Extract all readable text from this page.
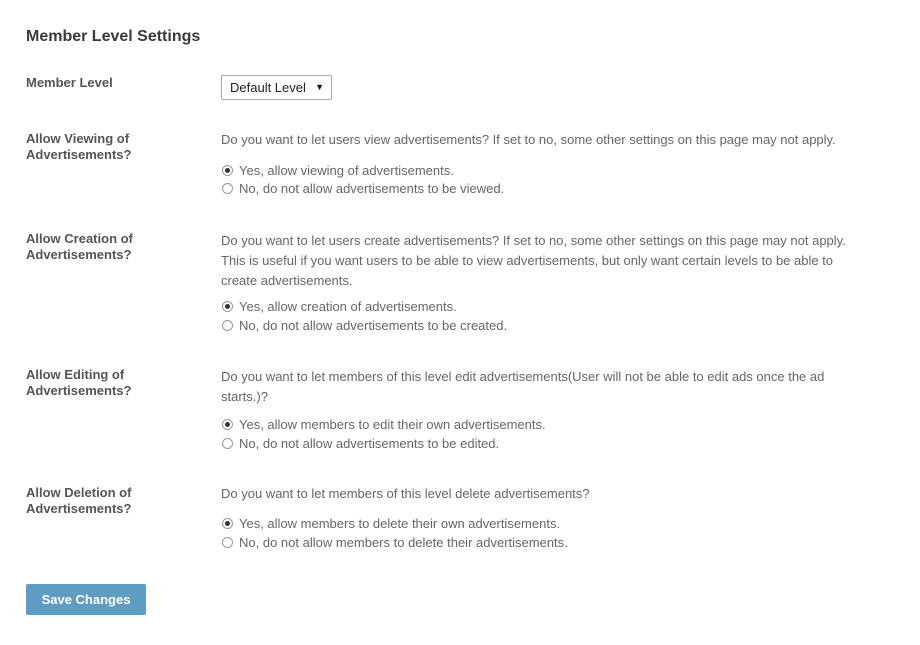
Member Level Settings
Member Level	Default Level ▼
Allow Viewing of Advertisements?
Do you want to let users view advertisements? If set to no, some other settings on this page may not apply.
Yes, allow viewing of advertisements.
No, do not allow advertisements to be viewed.
Allow Creation of Advertisements?
Do you want to let users create advertisements? If set to no, some other settings on this page may not apply. This is useful if you want users to be able to view advertisements, but only want certain levels to be able to create advertisements.
Yes, allow creation of advertisements.
No, do not allow advertisements to be created.
Allow Editing of Advertisements?
Do you want to let members of this level edit advertisements(User will not be able to edit ads once the ad starts.)?
Yes, allow members to edit their own advertisements.
No, do not allow advertisements to be edited.
Allow Deletion of Advertisements?
Do you want to let members of this level delete advertisements?
Yes, allow members to delete their own advertisements.
No, do not allow members to delete their advertisements.
Save Changes
